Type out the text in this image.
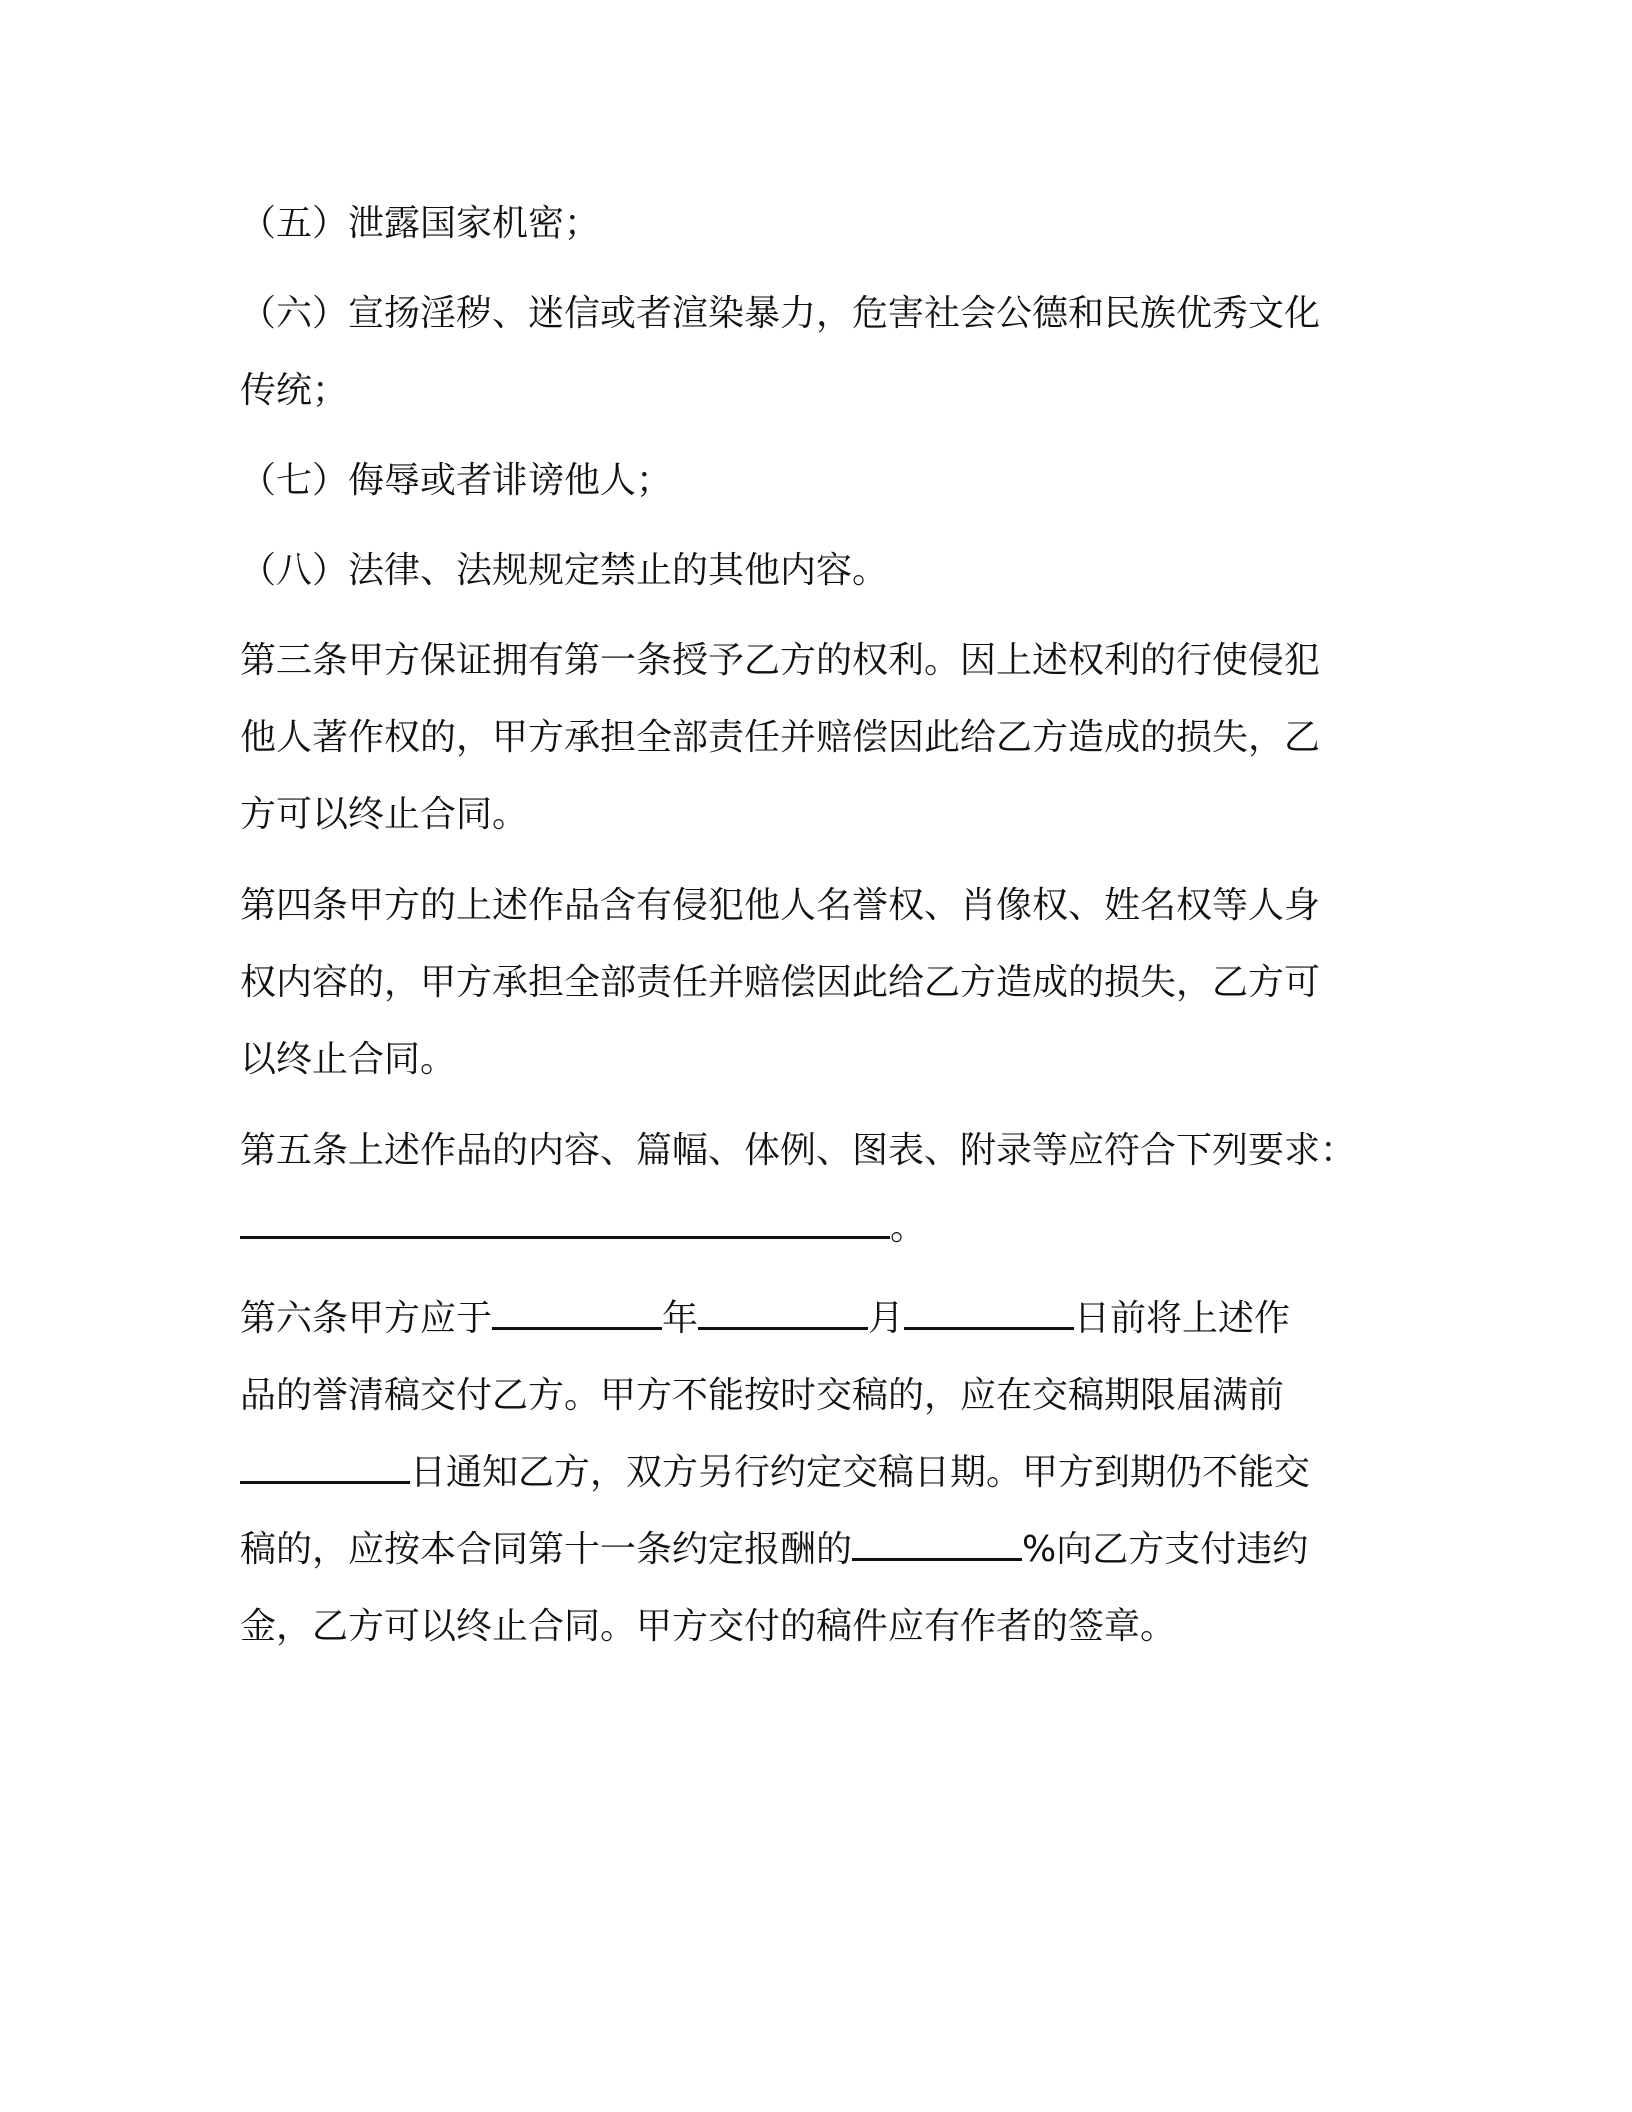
（五）泄露国家机密；

（六）宣扬淫秽、迷信或者渲染暴力，危害社会公德和民族优秀文化
传统；

（七）侮辱或者诽谤他人；

（八）法律、法规规定禁止的其他内容。

第三条甲方保证拥有第一条授予乙方的权利。因上述权利的行使侵犯
他人著作权的，甲方承担全部责任并赔偿因此给乙方造成的损失，乙
方可以终止合同。

第四条甲方的上述作品含有侵犯他人名誉权、肖像权、姓名权等人身
权内容的，甲方承担全部责任并赔偿因此给乙方造成的损失，乙方可
以终止合同。

第五条上述作品的内容、篇幅、体例、图表、附录等应符合下列要求：
。

第六条甲方应于	年	月	日前将上述作
品的誉清稿交付乙方。甲方不能按时交稿的，应在交稿期限届满前
日通知乙方，双方另行约定交稿日期。甲方到期仍不能交
稿的，应按本合同第十一条约定报酬的	%向乙方支付违约
金，乙方可以终止合同。甲方交付的稿件应有作者的签章。
